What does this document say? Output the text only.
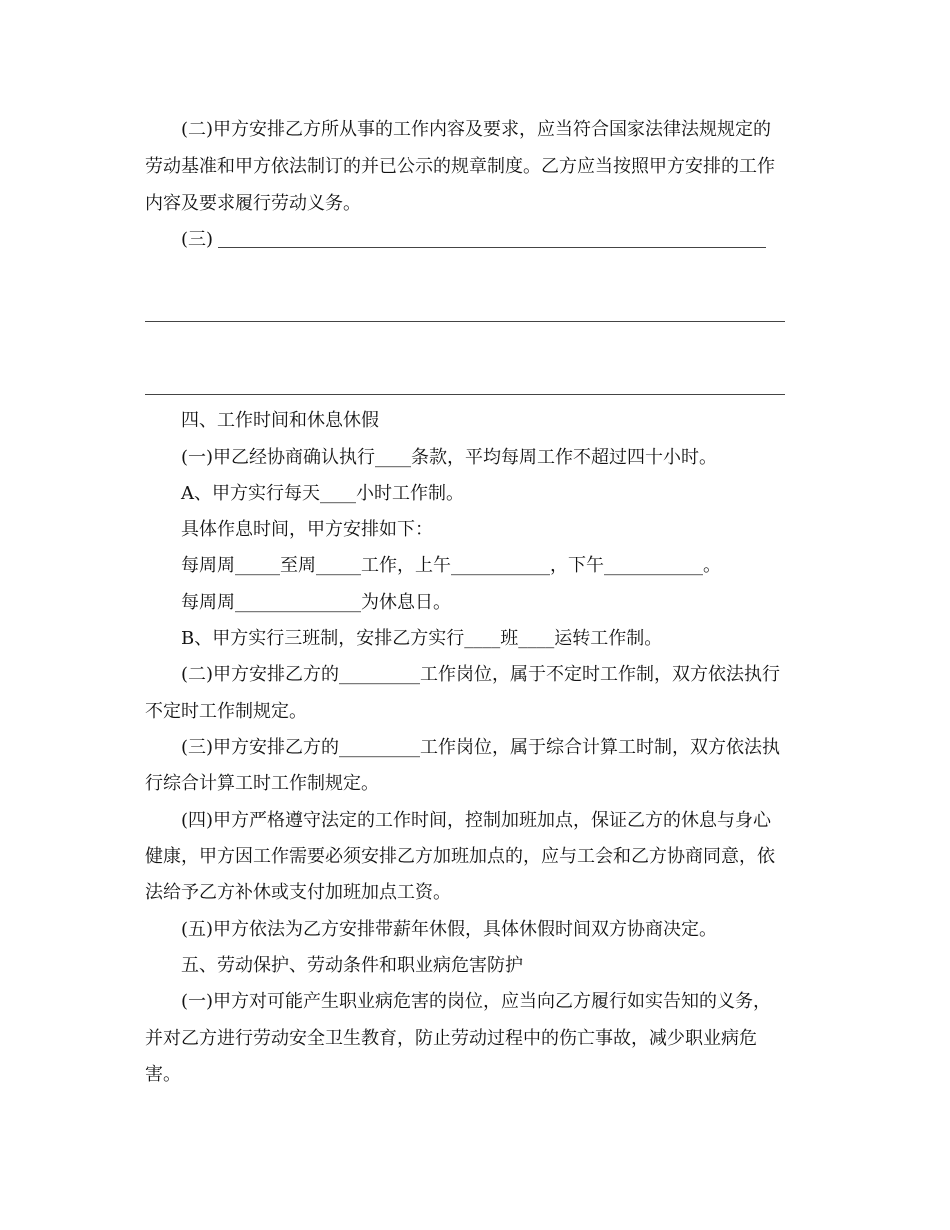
(二)甲方安排乙方所从事的工作内容及要求，应当符合国家法律法规规定的
劳动基准和甲方依法制订的并已公示的规章制度。乙方应当按照甲方安排的工作
内容及要求履行劳动义务。
(三)
四、工作时间和休息休假
(一)甲乙经协商确认执行____条款，平均每周工作不超过四十小时。
A、甲方实行每天____小时工作制。
具体作息时间，甲方安排如下：
每周周_____至周_____工作，上午___________，下午___________。
每周周______________为休息日。
B、甲方实行三班制，安排乙方实行____班____运转工作制。
(二)甲方安排乙方的_________工作岗位，属于不定时工作制，双方依法执行
不定时工作制规定。
(三)甲方安排乙方的_________工作岗位，属于综合计算工时制，双方依法执
行综合计算工时工作制规定。
(四)甲方严格遵守法定的工作时间，控制加班加点，保证乙方的休息与身心
健康，甲方因工作需要必须安排乙方加班加点的，应与工会和乙方协商同意，依
法给予乙方补休或支付加班加点工资。
(五)甲方依法为乙方安排带薪年休假，具体休假时间双方协商决定。
五、劳动保护、劳动条件和职业病危害防护
(一)甲方对可能产生职业病危害的岗位，应当向乙方履行如实告知的义务，
并对乙方进行劳动安全卫生教育，防止劳动过程中的伤亡事故，减少职业病危
害。
